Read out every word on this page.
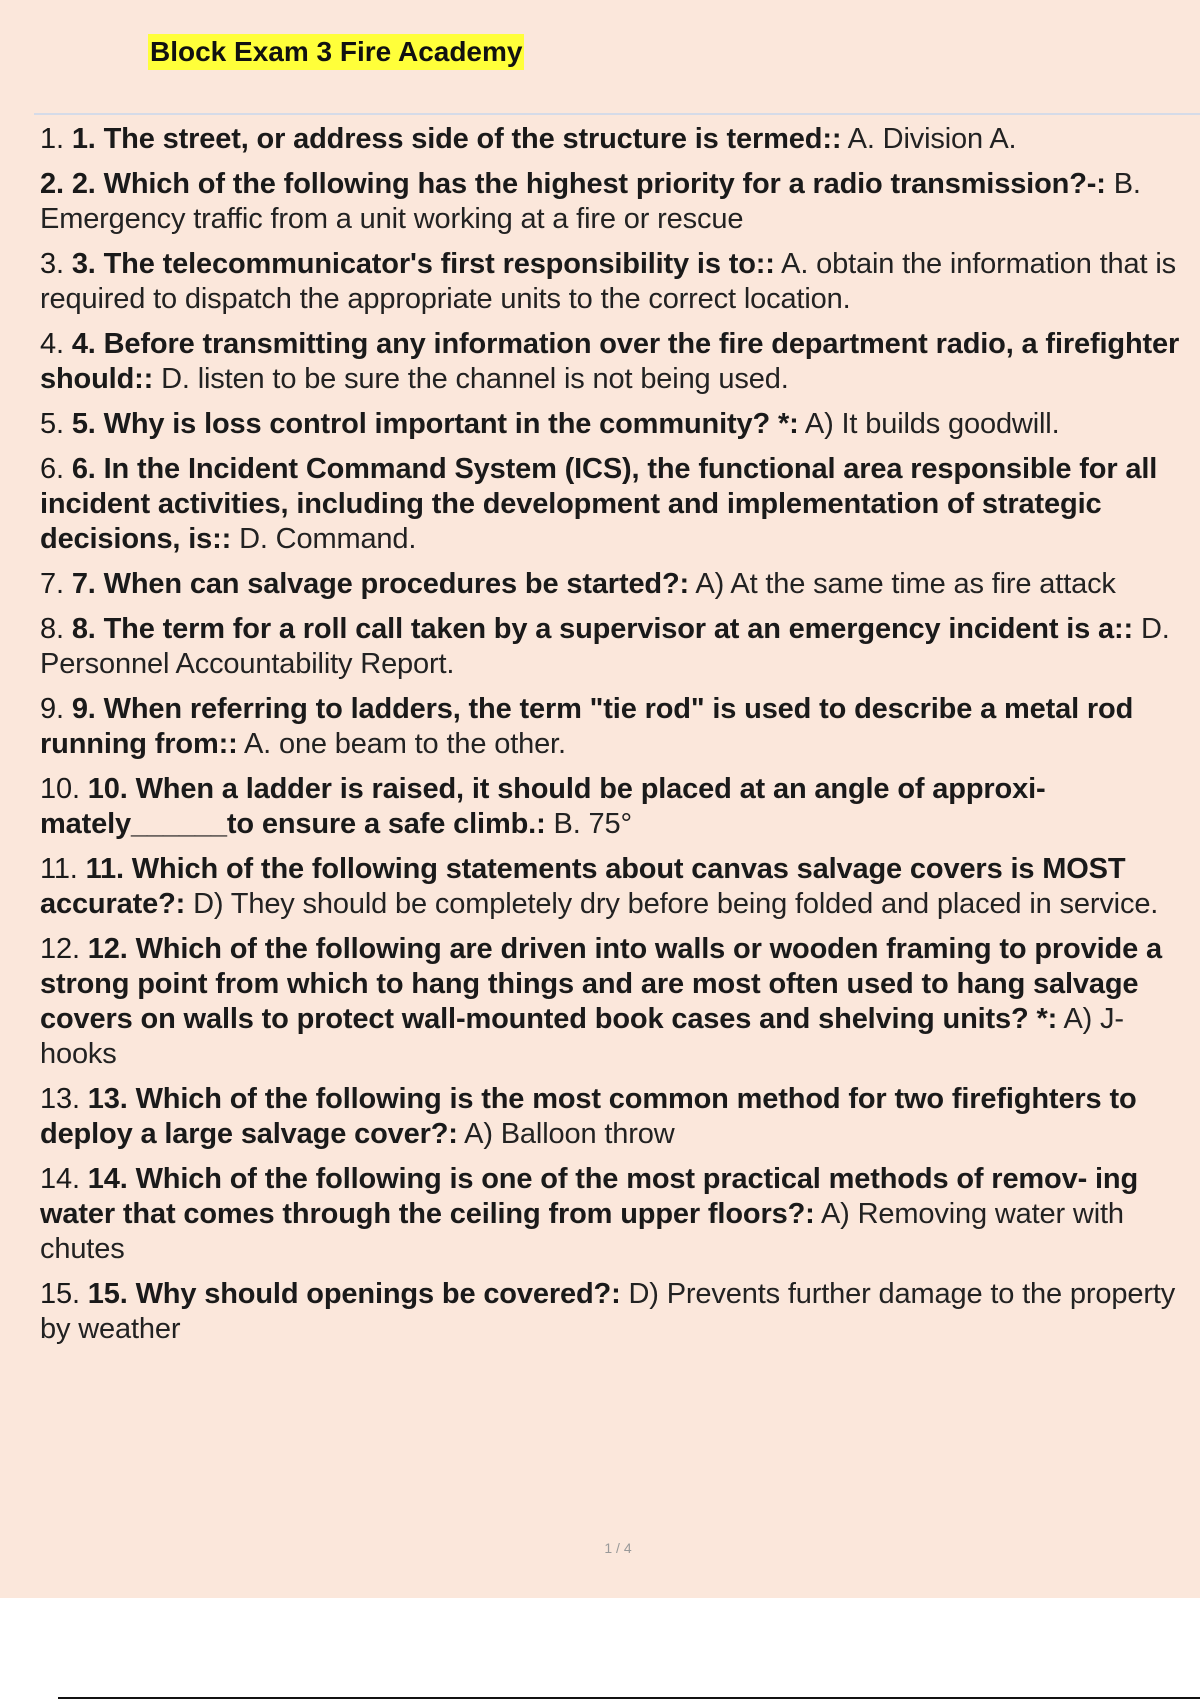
Block Exam 3 Fire Academy
1. 1. The street, or address side of the structure is termed:: A. Division A.
2. 2. Which of the following has the highest priority for a radio transmission?-: B. Emergency traffic from a unit working at a fire or rescue
3. 3. The telecommunicator's first responsibility is to:: A. obtain the information that is required to dispatch the appropriate units to the correct location.
4. 4. Before transmitting any information over the fire department radio, a firefighter should:: D. listen to be sure the channel is not being used.
5. 5. Why is loss control important in the community? *: A) It builds goodwill.
6. 6. In the Incident Command System (ICS), the functional area responsible for all incident activities, including the development and implementation of strategic decisions, is:: D. Command.
7. 7. When can salvage procedures be started?: A) At the same time as fire attack
8. 8. The term for a roll call taken by a supervisor at an emergency incident is a:: D. Personnel Accountability Report.
9. 9. When referring to ladders, the term "tie rod" is used to describe a metal rod running from:: A. one beam to the other.
10. 10. When a ladder is raised, it should be placed at an angle of approxi- mately______to ensure a safe climb.: B. 75°
11. 11. Which of the following statements about canvas salvage covers is MOST accurate?: D) They should be completely dry before being folded and placed in service.
12. 12. Which of the following are driven into walls or wooden framing to provide a strong point from which to hang things and are most often used to hang salvage covers on walls to protect wall-mounted book cases and shelving units? *: A) J-hooks
13. 13. Which of the following is the most common method for two firefighters to deploy a large salvage cover?: A) Balloon throw
14. 14. Which of the following is one of the most practical methods of remov- ing water that comes through the ceiling from upper floors?: A) Removing water with chutes
15. 15. Why should openings be covered?: D) Prevents further damage to the property by weather
1 / 4
